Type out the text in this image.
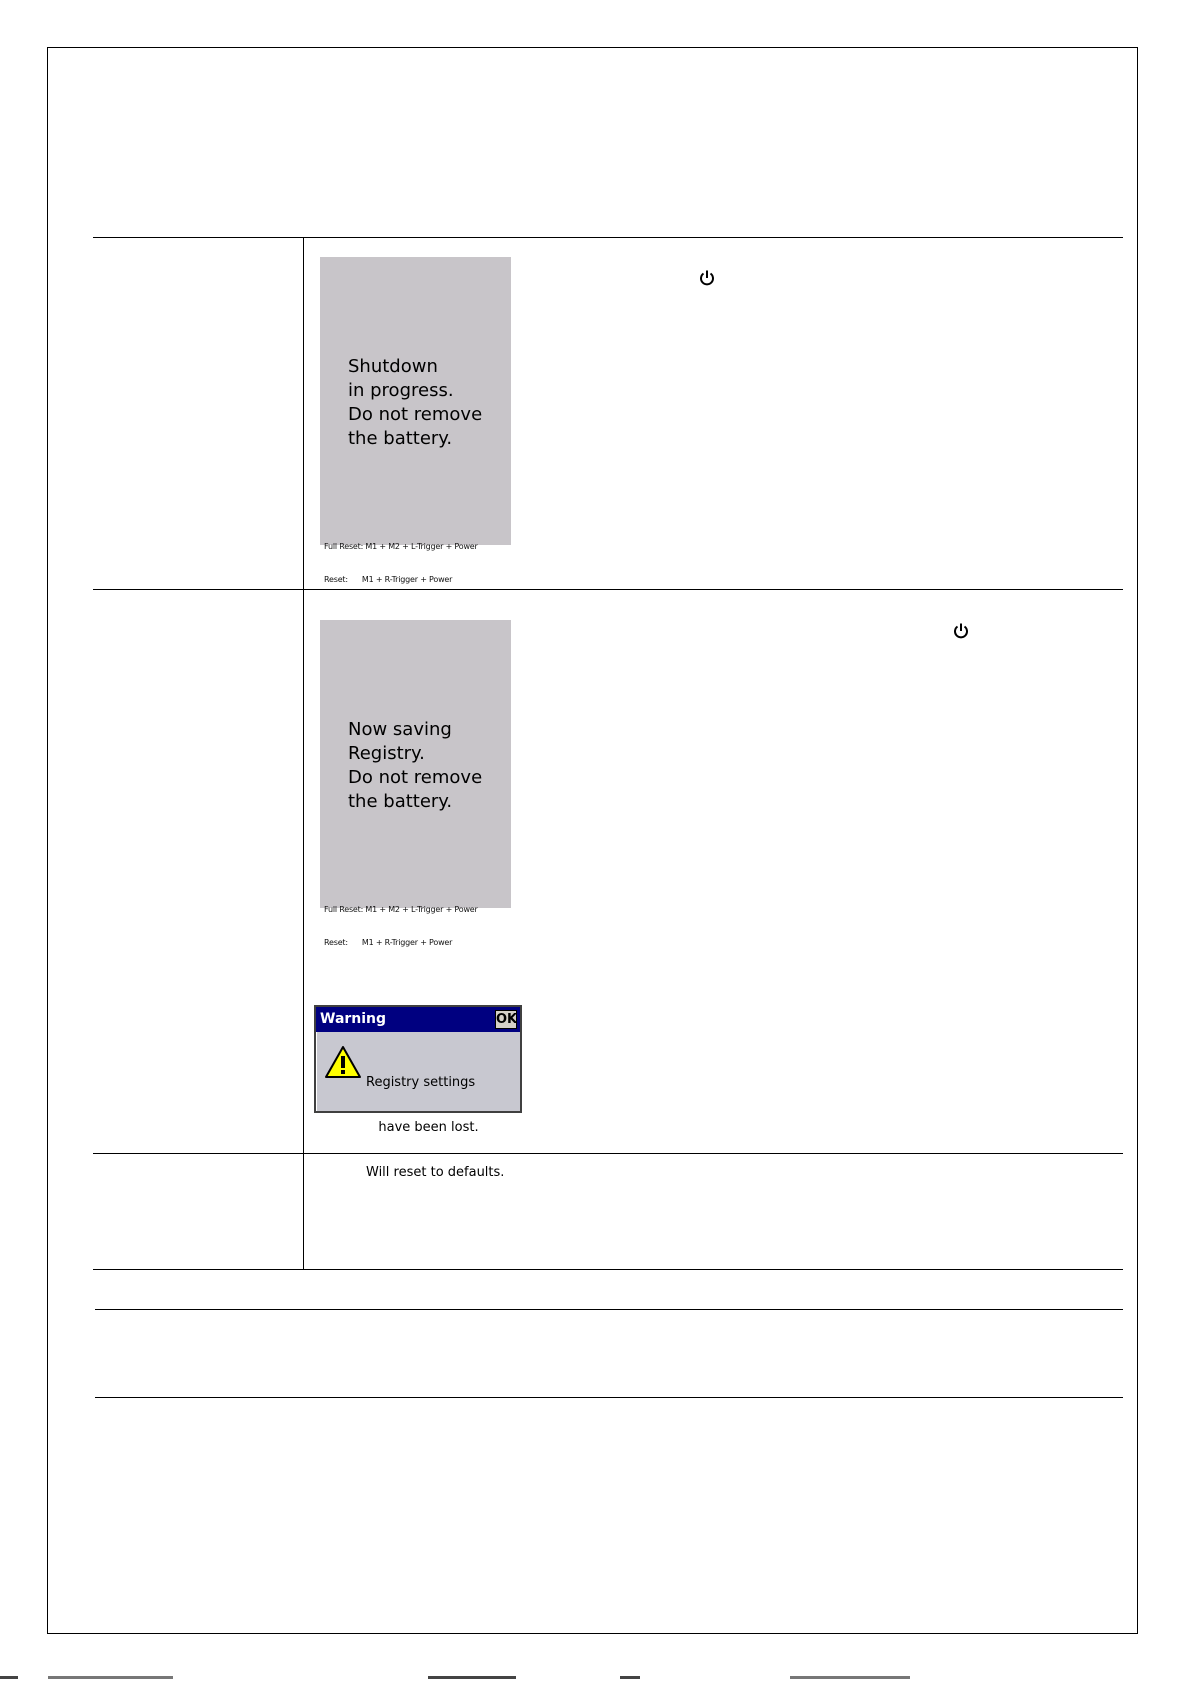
Shutdown
in progress.
Do not remove
the battery.

Full Reset: M1 + M2 + L-Trigger + Power

Reset:      M1 + R-Trigger + Power

Now saving
Registry.
Do not remove
the battery.

Full Reset: M1 + M2 + L-Trigger + Power

Reset:      M1 + R-Trigger + Power

Warning	OK

Registry settings

have been lost.

Will reset to defaults.
